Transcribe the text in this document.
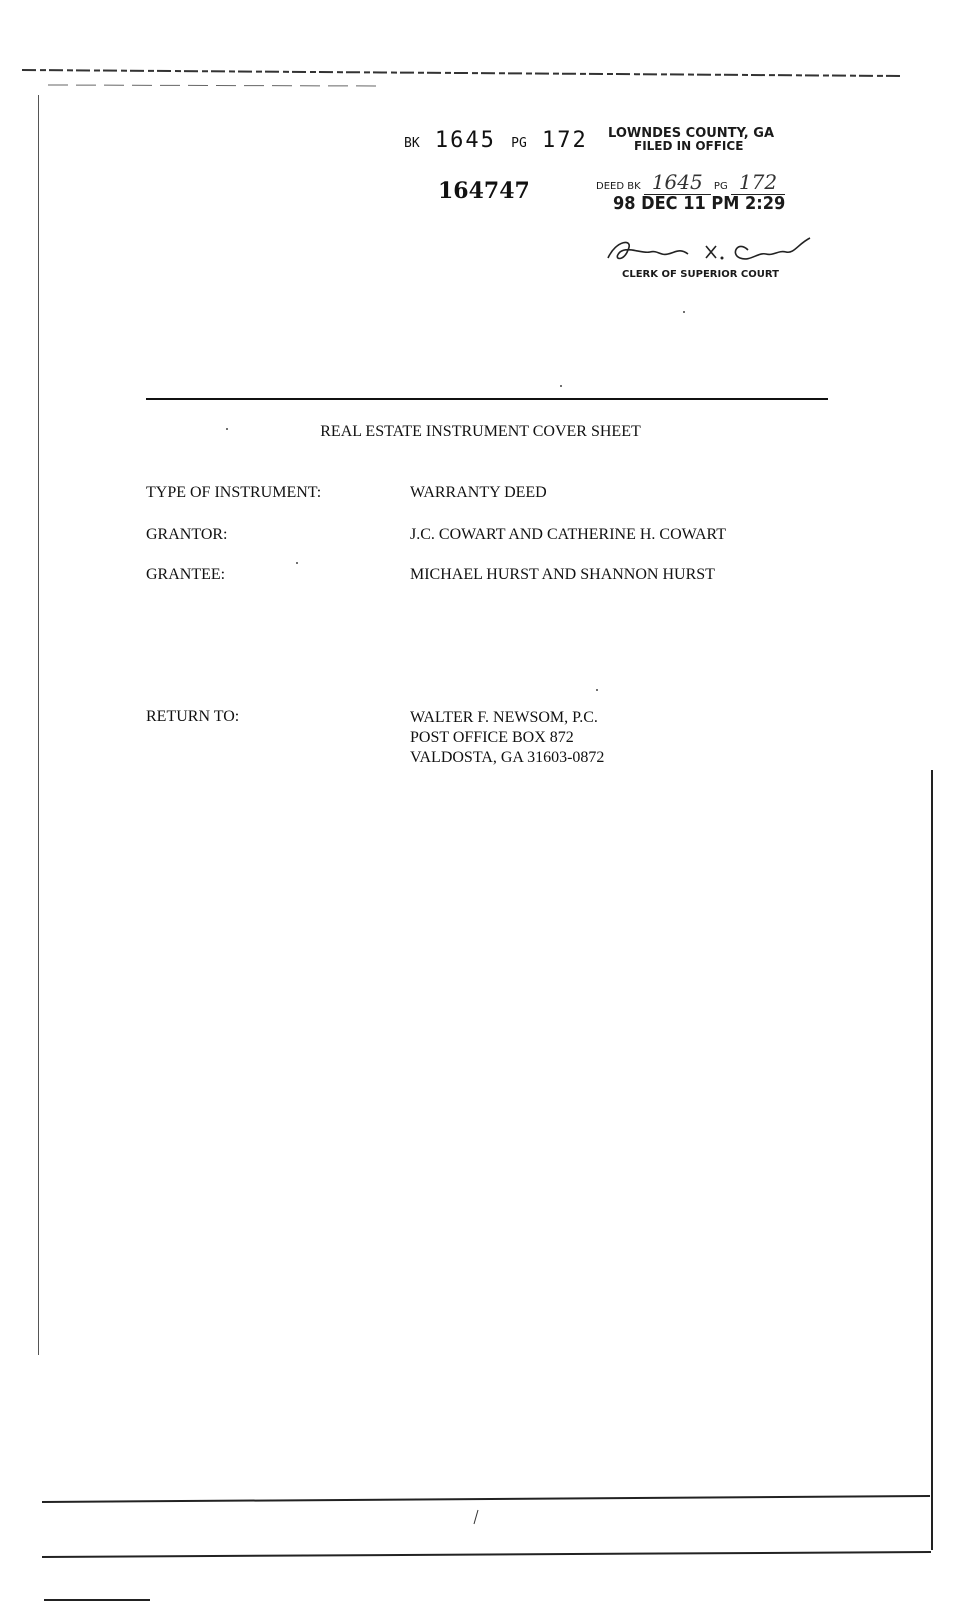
BK 1645 PG 172
164747
LOWNDES COUNTY, GA
FILED IN OFFICE
DEED BK 1645 PG 172
98 DEC 11 PM 2:29
CLERK OF SUPERIOR COURT
REAL ESTATE INSTRUMENT COVER SHEET
TYPE OF INSTRUMENT:	WARRANTY DEED
GRANTOR:	J.C. COWART AND CATHERINE H. COWART
GRANTEE:	MICHAEL HURST AND SHANNON HURST
RETURN TO:	WALTER F. NEWSOM, P.C.
POST OFFICE BOX 872
VALDOSTA, GA 31603-0872
